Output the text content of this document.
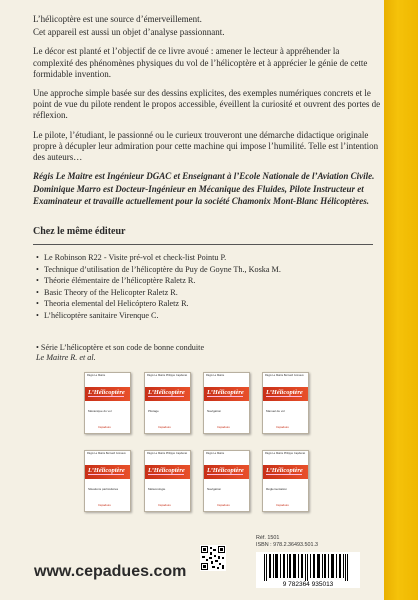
L’hélicoptère est une source d’émerveillement.

Cet appareil est aussi un objet d’analyse passionnant.

Le décor est planté et l’objectif de ce livre avoué : amener le lecteur à appréhender la complexité des phénomènes physiques du vol de l’hélicoptère et à apprécier le génie de cette formidable invention.

Une approche simple basée sur des dessins explicites, des exemples numériques concrets et le point de vue du pilote rendent le propos accessible, éveillent la curiosité et ouvrent des portes de réflexion.

Le pilote, l’étudiant, le passionné ou le curieux trouveront une démarche didactique originale propre à décupler leur admiration pour cette machine qui impose l’humilité. Telle est l’intention des auteurs…

Régis Le Maitre est Ingénieur DGAC et Enseignant à l’Ecole Nationale de l’Aviation Civile.

Dominique Marro est Docteur-Ingénieur en Mécanique des Fluides, Pilote Instructeur et Examinateur et travaille actuellement pour la société Chamonix Mont-Blanc Hélicoptères.

Chez le même éditeur
• Le Robinson R22 - Visite pré-vol et check-list Pointu P.
• Technique d’utilisation de l’hélicoptère du Puy de Goyne Th., Koska M.
• Théorie élémentaire de l’hélicoptère Raletz R.
• Basic Theory of the Helicopter Raletz R.
• Theoria elemental del Helicóptero Raletz R.
• L’hélicoptère sanitaire Virenque C.
• Série L’hélicoptère et son code de bonne conduite
Le Maitre R. et al.
Régis Le Maitre
L’Hélicoptère
Mécanique du vol
Cépaduès
Régis Le Maitre Philippe Capdenat
L’Hélicoptère
Pilotage
Cépaduès
Régis Le Maitre
L’Hélicoptère
Navigation
Cépaduès
Régis Le Maitre Bernard Gronaux
L’Hélicoptère
Manuel de vol
Cépaduès
Régis Le Maitre Bernard Gronaux
L’Hélicoptère
Situations particulières
Cépaduès
Régis Le Maitre Philippe Capdenat
L’Hélicoptère
Météorologie
Cépaduès
Régis Le Maitre
L’Hélicoptère
Navigation
Cépaduès
Régis Le Maitre Philippe Capdenat
L’Hélicoptère
Réglementation
Cépaduès
Réf. 1501
ISBN : 978.2.36493.501.3
9 782364 935013
www.cepadues.com
